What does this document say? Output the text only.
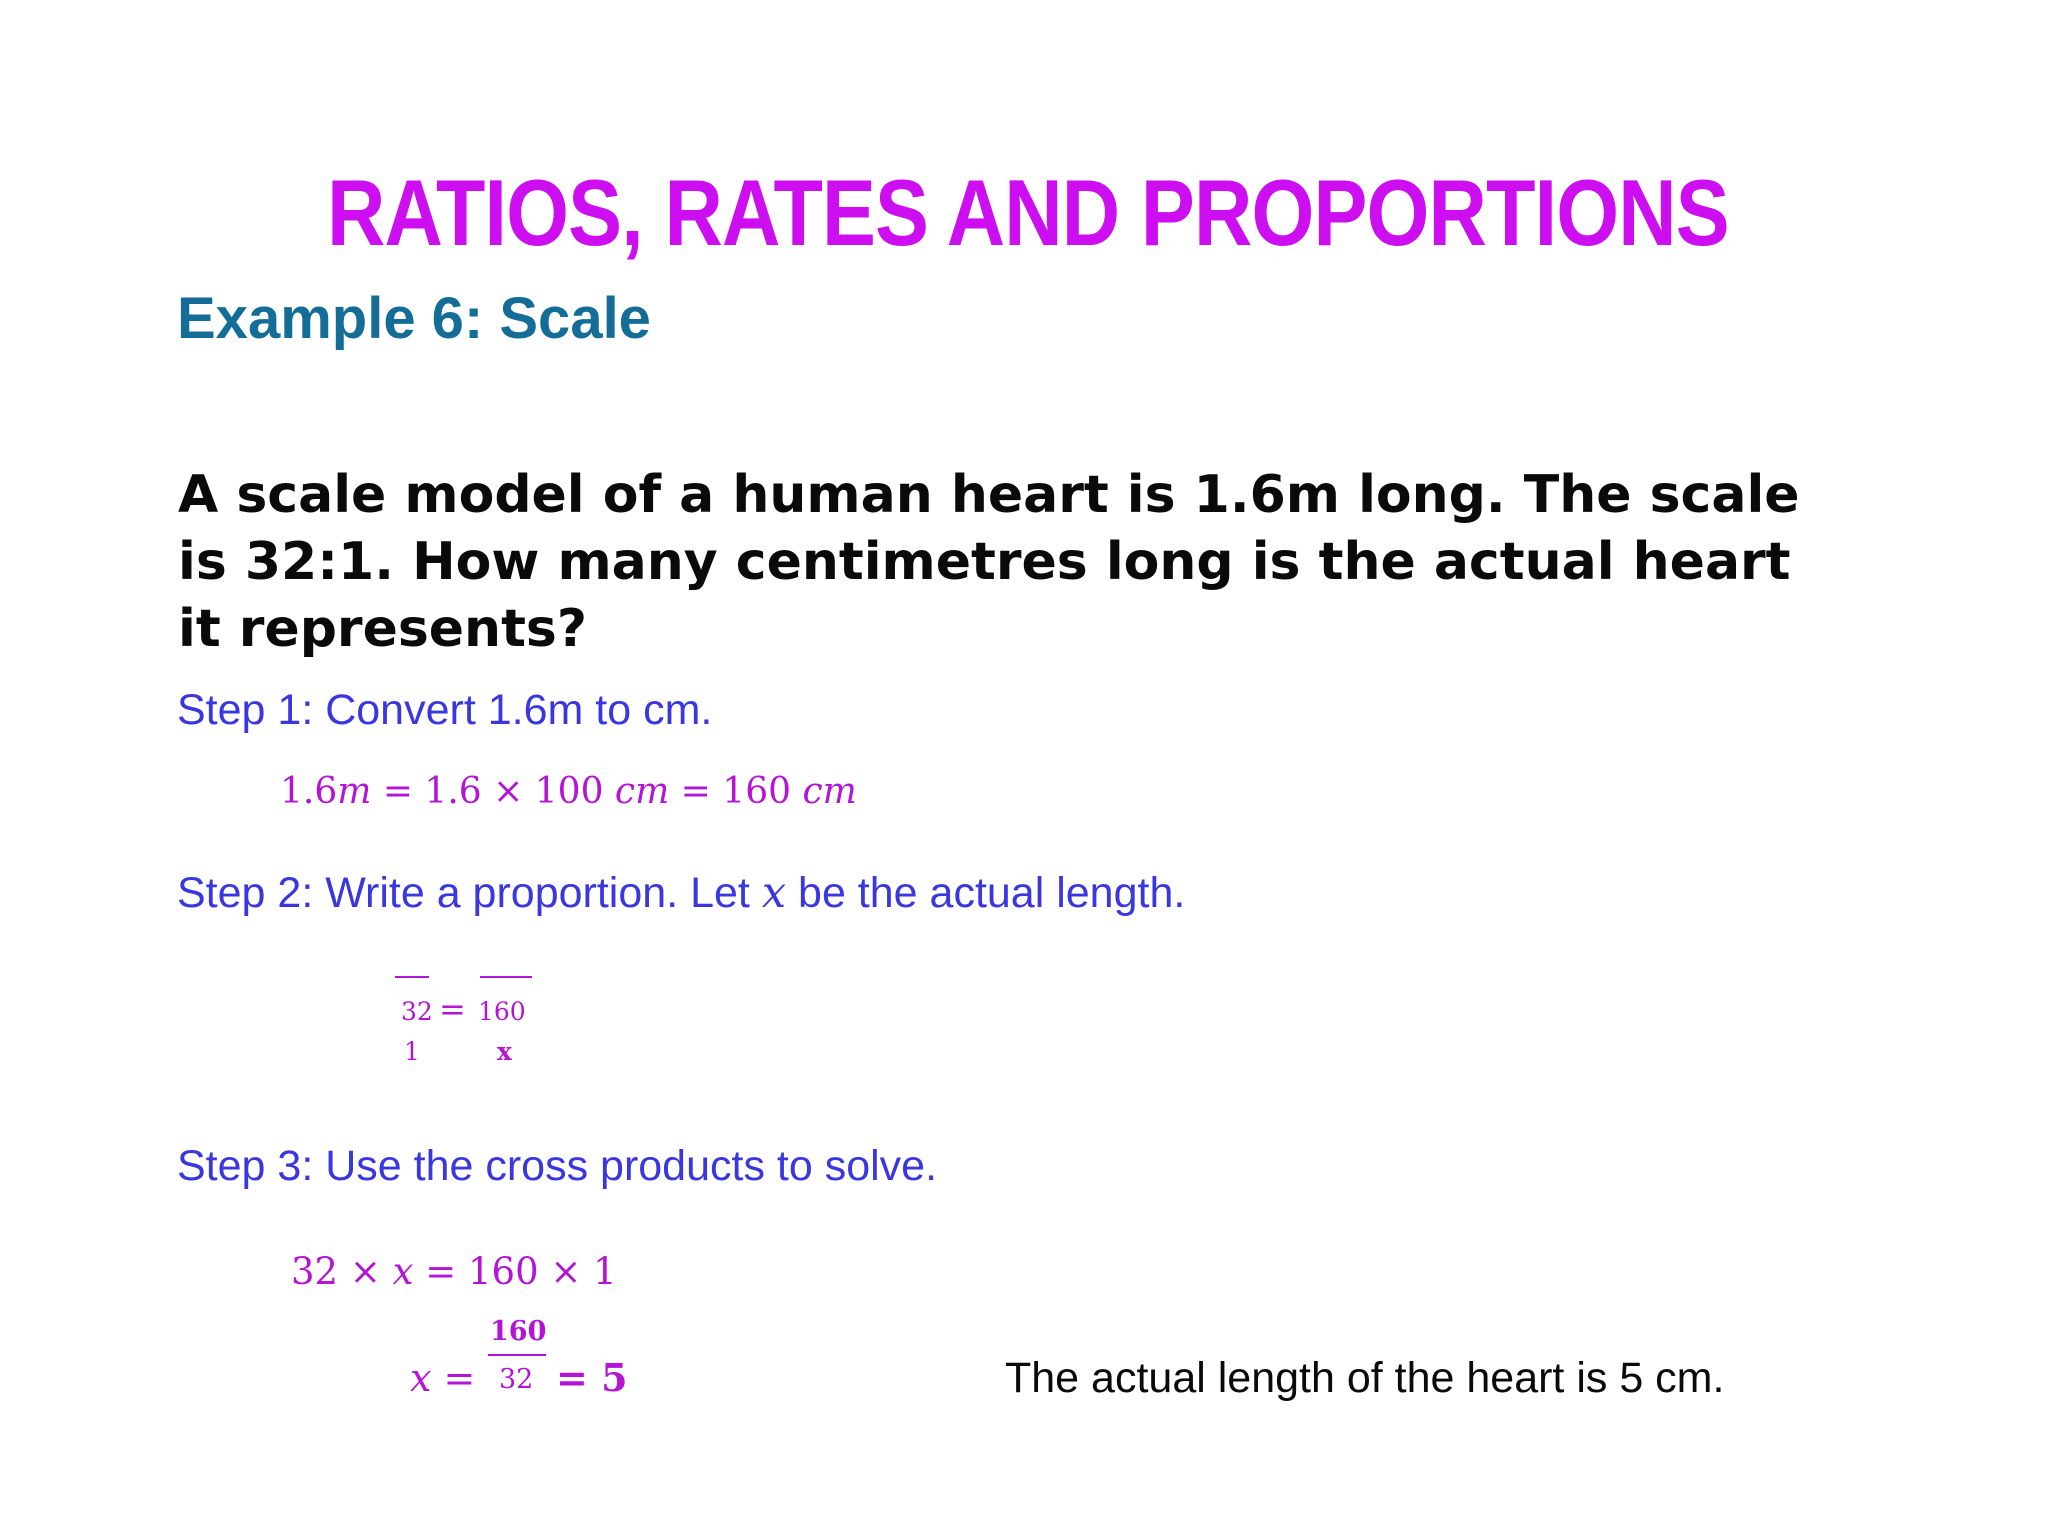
RATIOS, RATES AND PROPORTIONS
Example 6: Scale
A scale model of a human heart is 1.6m long. The scale
is 32:1. How many centimetres long is the actual heart
it represents?
Step 1: Convert 1.6m to cm.
1.6m = 1.6 × 100 cm = 160 cm
Step 2: Write a proportion. Let x be the actual length.
32 = 160
1	x
Step 3: Use the cross products to solve.
32 × x = 160 × 1
x =
160
32 = 5	The actual length of the heart is 5 cm.
